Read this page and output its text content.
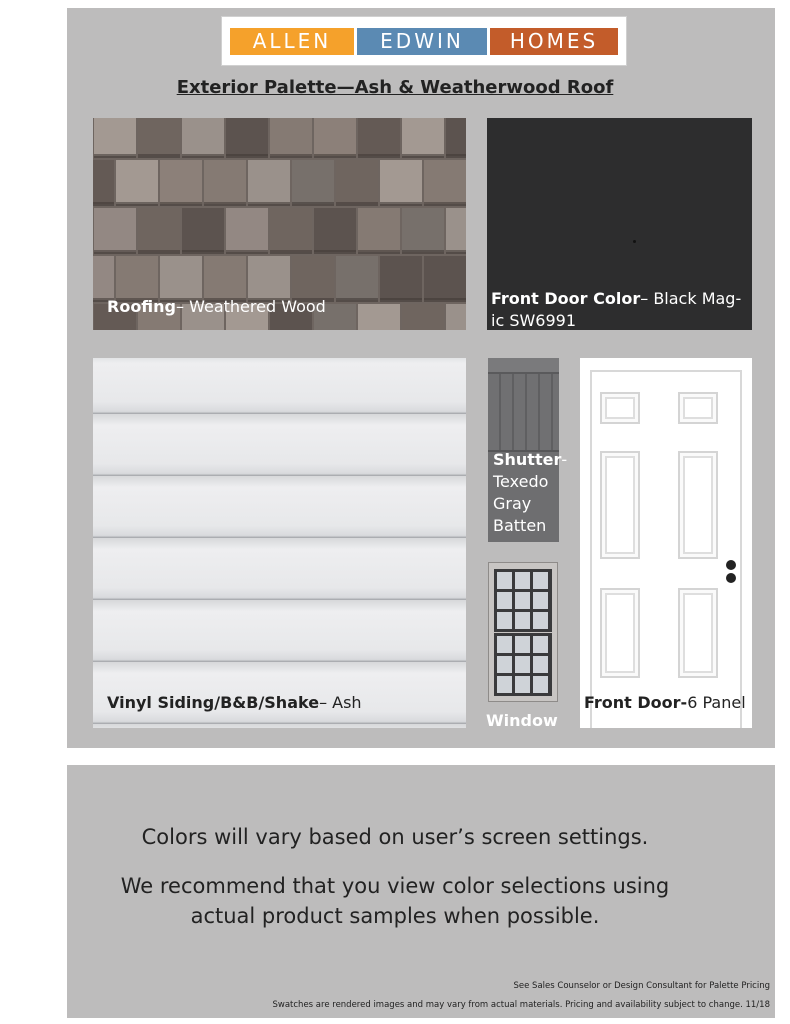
ALLEN	EDWIN	HOMES
Exterior Palette—Ash & Weatherwood Roof
Roofing– Weathered Wood	Front Door Color– Black Mag-
ic SW6991
Vinyl Siding/B&B/Shake– Ash
Shutter-
Texedo
Gray
Batten
Window
Front Door-6 Panel
Colors will vary based on user’s screen settings.
We recommend that you view color selections using
actual product samples when possible.
See Sales Counselor or Design Consultant for Palette Pricing
Swatches are rendered images and may vary from actual materials. Pricing and availability subject to change. 11/18
